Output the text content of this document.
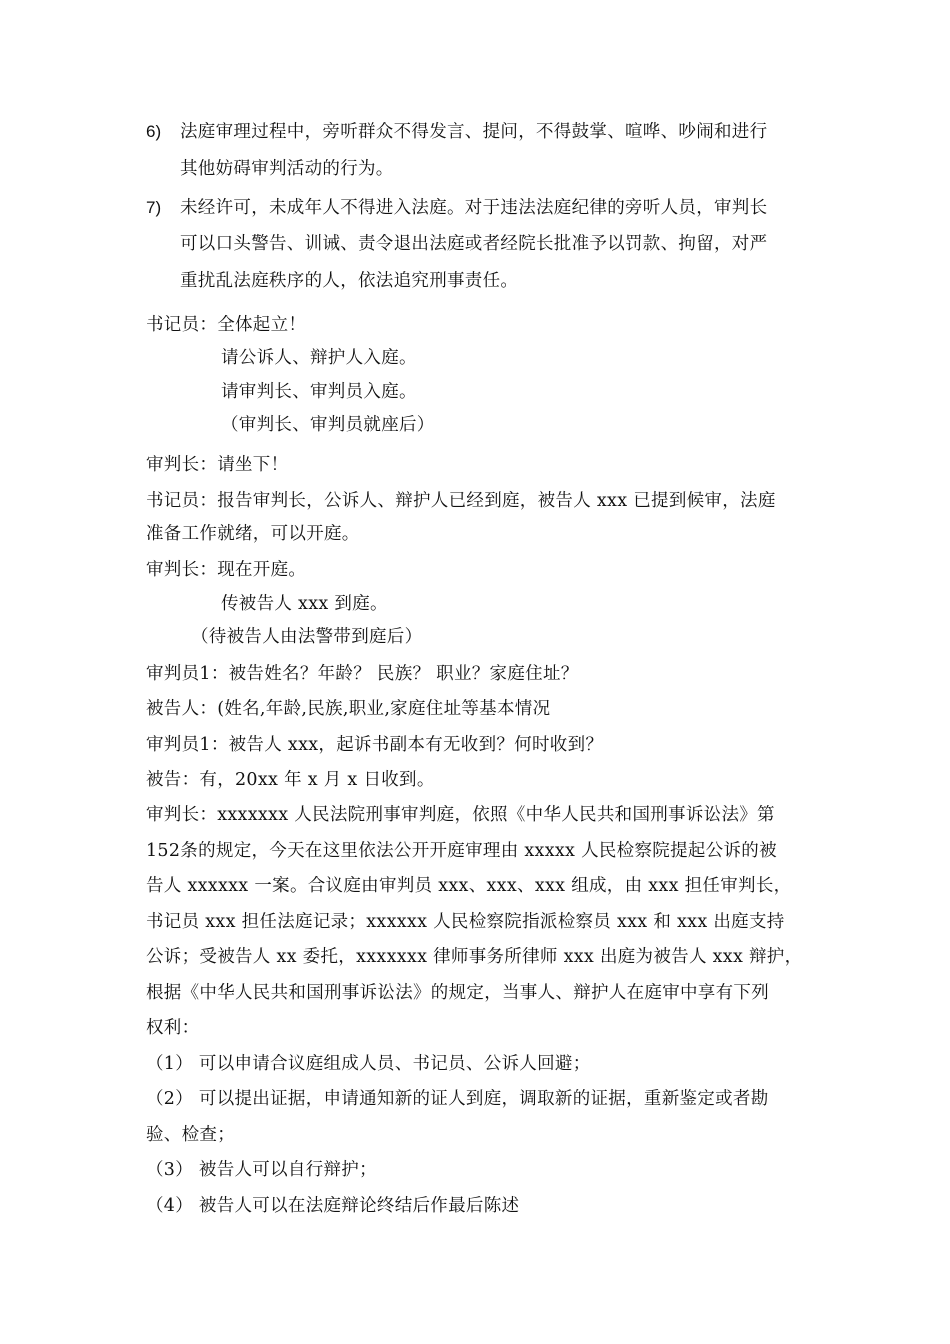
6) 法庭审理过程中，旁听群众不得发言、提问，不得鼓掌、喧哗、吵闹和进行
其他妨碍审判活动的行为。
7) 未经许可，未成年人不得进入法庭。对于违法法庭纪律的旁听人员，审判长
可以口头警告、训诫、责令退出法庭或者经院长批准予以罚款、拘留，对严
重扰乱法庭秩序的人，依法追究刑事责任。
书记员：全体起立！
请公诉人、辩护人入庭。
请审判长、审判员入庭。
（审判长、审判员就座后）
审判长：请坐下！
书记员：报告审判长，公诉人、辩护人已经到庭，被告人 xxx 已提到候审，法庭
准备工作就绪，可以开庭。
审判长：现在开庭。
传被告人 xxx 到庭。
（待被告人由法警带到庭后）
审判员1：被告姓名？年龄？ 民族？ 职业？家庭住址？
被告人：(姓名,年龄,民族,职业,家庭住址等基本情况
审判员1：被告人 xxx，起诉书副本有无收到？何时收到？
被告：有，20xx 年 x 月 x 日收到。
审判长：xxxxxxx 人民法院刑事审判庭，依照《中华人民共和国刑事诉讼法》第
152条的规定，今天在这里依法公开开庭审理由 xxxxx 人民检察院提起公诉的被
告人 xxxxxx 一案。合议庭由审判员 xxx、xxx、xxx 组成，由 xxx 担任审判长，
书记员 xxx 担任法庭记录；xxxxxx 人民检察院指派检察员 xxx 和 xxx 出庭支持
公诉；受被告人 xx 委托，xxxxxxx 律师事务所律师 xxx 出庭为被告人 xxx 辩护，
根据《中华人民共和国刑事诉讼法》的规定，当事人、辩护人在庭审中享有下列
权利：
（1） 可以申请合议庭组成人员、书记员、公诉人回避；
（2） 可以提出证据，申请通知新的证人到庭，调取新的证据，重新鉴定或者勘
验、检查；
（3） 被告人可以自行辩护；
（4） 被告人可以在法庭辩论终结后作最后陈述
